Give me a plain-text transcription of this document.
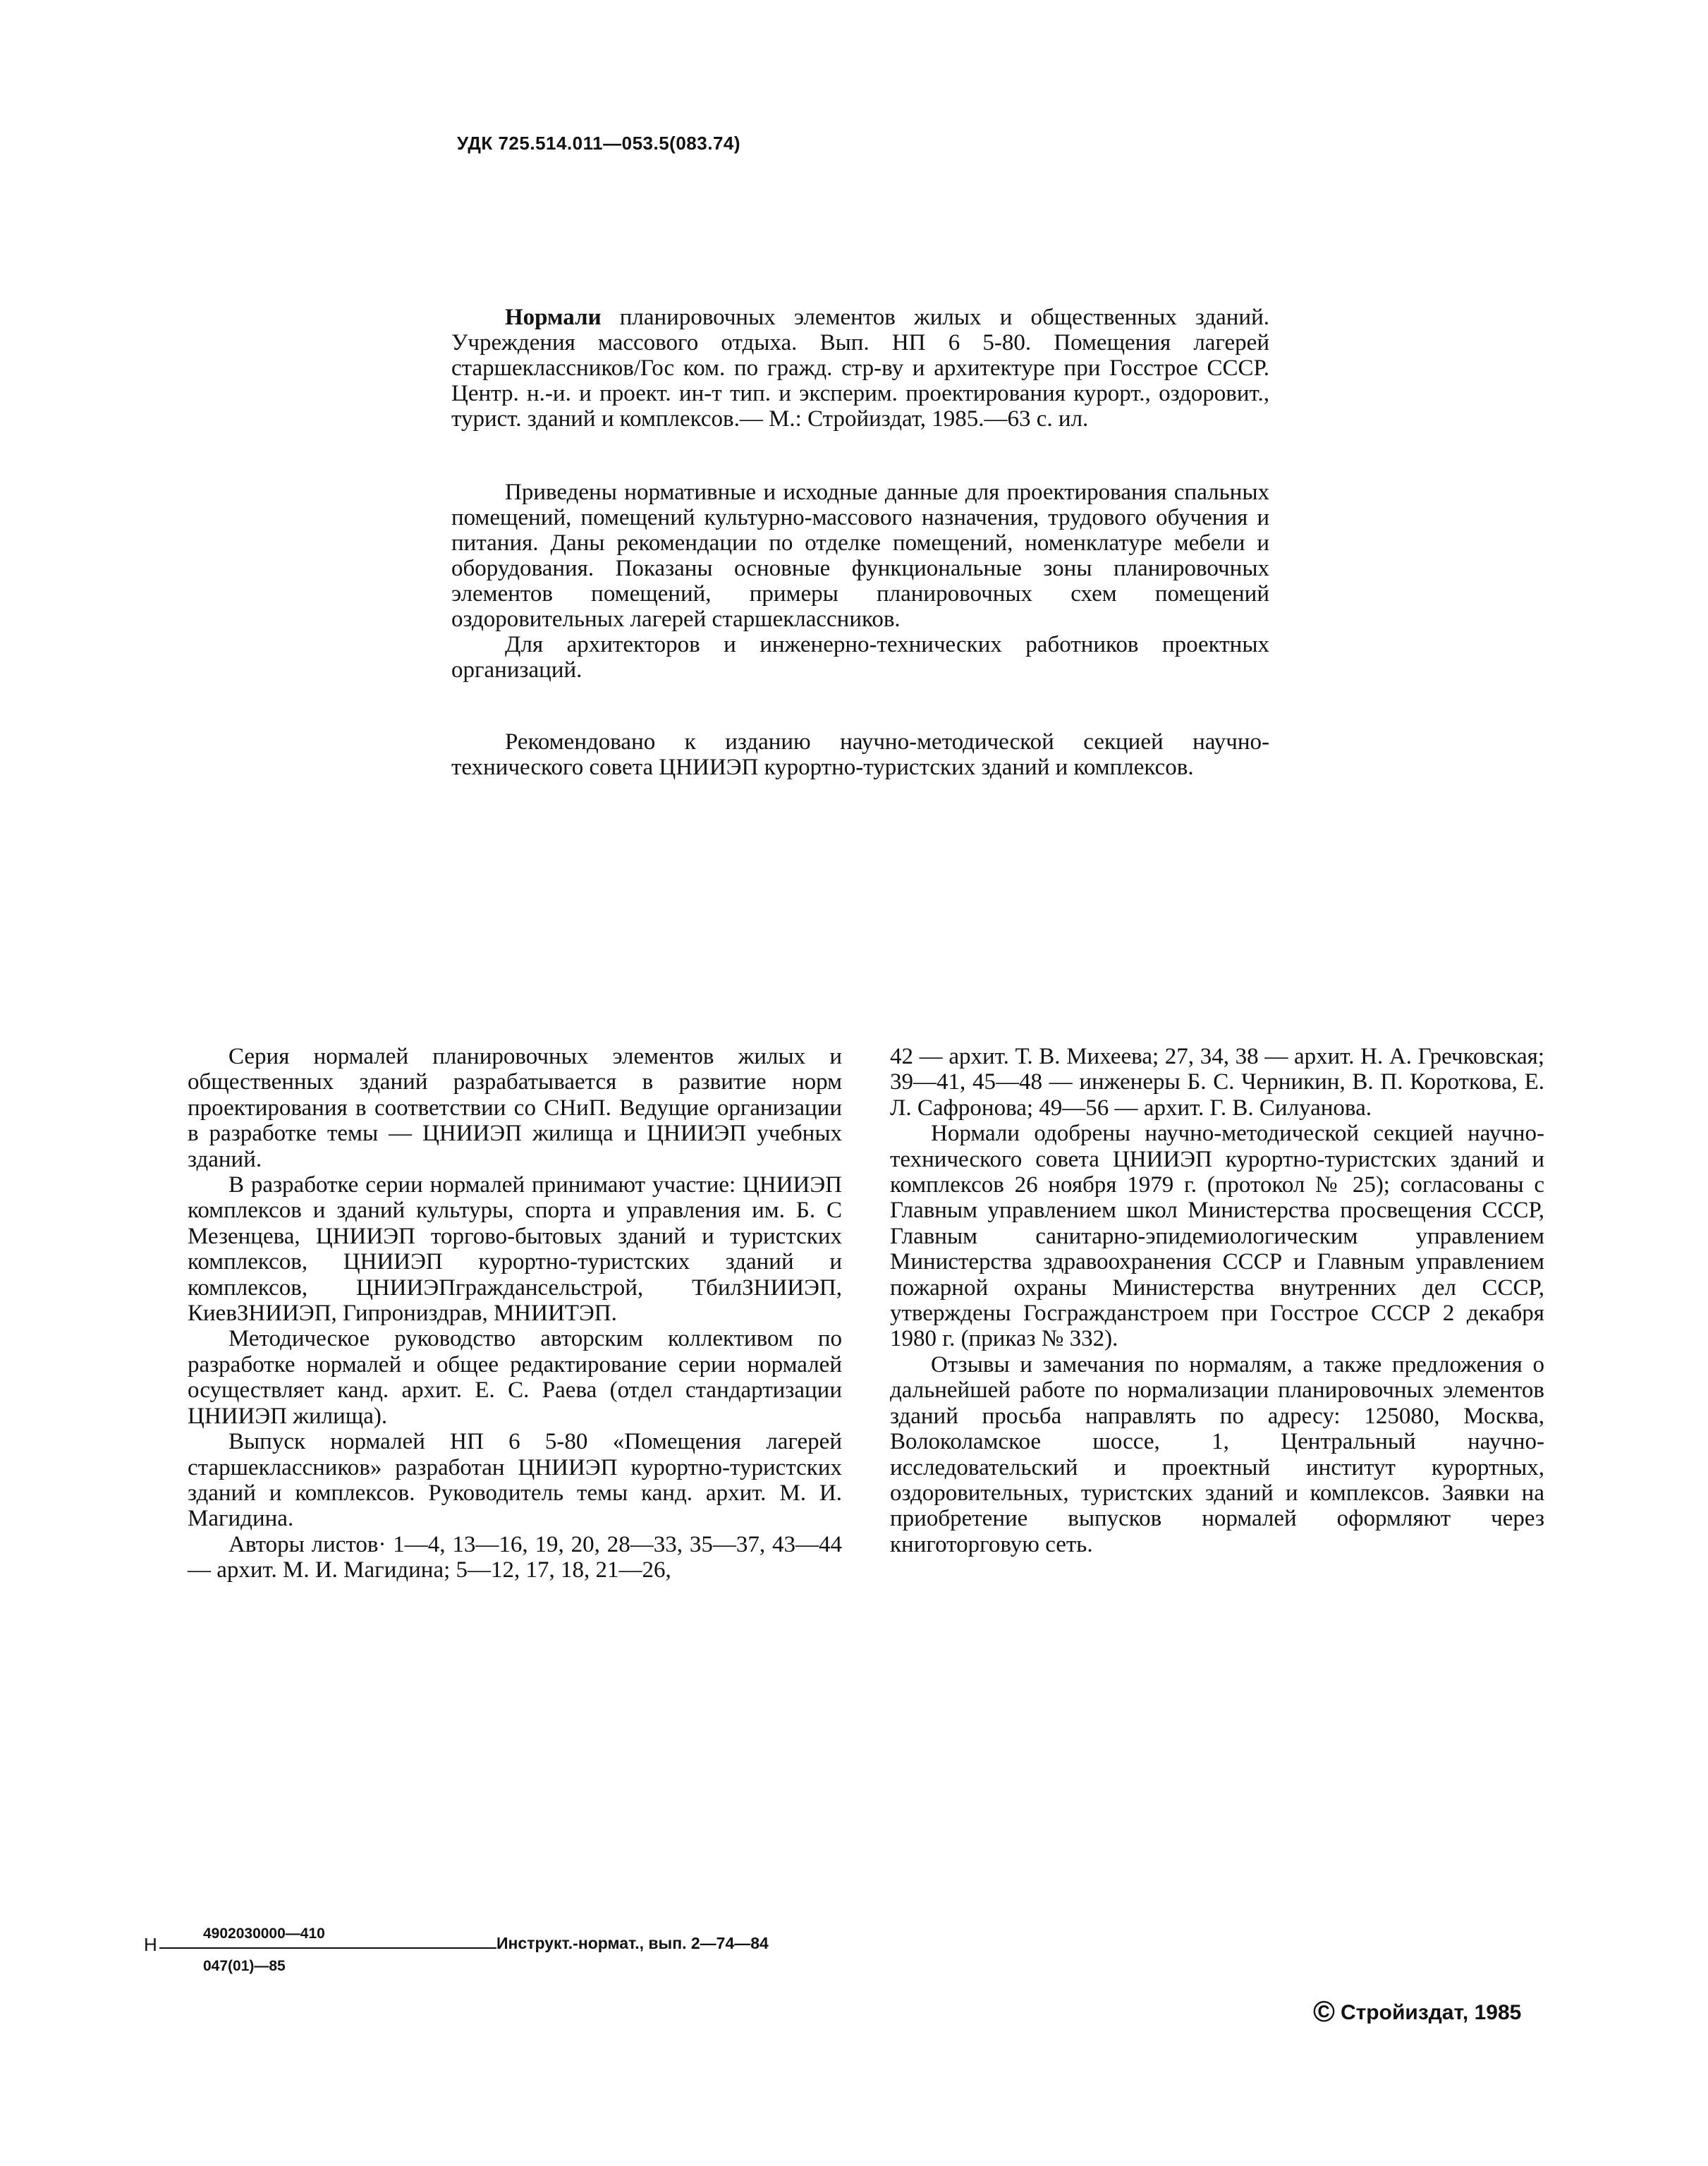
УДК 725.514.011—053.5(083.74)

Нормали планировочных элементов жилых и общественных зданий. Учреждения массового отдыха. Вып. НП 6 5-80. Помещения лагерей старшеклассников/Гос ком. по гражд. стр-ву и архитектуре при Госстрое СССР. Центр. н.-и. и проект. ин-т тип. и эксперим. проектирования курорт., оздоровит., турист. зданий и комплексов.— М.: Стройиздат, 1985.—63 с. ил.

Приведены нормативные и исходные данные для проектирования спальных помещений, помещений культурно-массового назначения, трудового обучения и питания. Даны рекомендации по отделке помещений, номенклатуре мебели и оборудования. Показаны основные функциональные зоны планировочных элементов помещений, примеры планировочных схем помещений оздоровительных лагерей старшеклассников.

Для архитекторов и инженерно-технических работников проектных организаций.

Рекомендовано к изданию научно-методической секцией научно-технического совета ЦНИИЭП курортно-туристских зданий и комплексов.

Серия нормалей планировочных элементов жилых и общественных зданий разрабатывается в развитие норм проектирования в соответствии со СНиП. Ведущие организации в разработке темы — ЦНИИЭП жилища и ЦНИИЭП учебных зданий.

В разработке серии нормалей принимают участие: ЦНИИЭП комплексов и зданий культуры, спорта и управления им. Б. С Мезенцева, ЦНИИЭП торгово-бытовых зданий и туристских комплексов, ЦНИИЭП курортно-туристских зданий и комплексов, ЦНИИЭПграждансельстрой, ТбилЗНИИЭП, КиевЗНИИЭП, Гипрониздрав, МНИИТЭП.

Методическое руководство авторским коллективом по разработке нормалей и общее редактирование серии нормалей осуществляет канд. архит. Е. С. Раева (отдел стандартизации ЦНИИЭП жилища).

Выпуск нормалей НП 6 5-80 «Помещения лагерей старшеклассников» разработан ЦНИИЭП курортно-туристских зданий и комплексов. Руководитель темы канд. архит. М. И. Магидина.

Авторы листов· 1—4, 13—16, 19, 20, 28—33, 35—37, 43—44 — архит. М. И. Магидина; 5—12, 17, 18, 21—26,

42 — архит. Т. В. Михеева; 27, 34, 38 — архит. Н. А. Гречковская; 39—41, 45—48 — инженеры Б. С. Черникин, В. П. Короткова, Е. Л. Сафронова; 49—56 — архит. Г. В. Силуанова.

Нормали одобрены научно-методической секцией научно-технического совета ЦНИИЭП курортно-туристских зданий и комплексов 26 ноября 1979 г. (протокол № 25); согласованы с Главным управлением школ Министерства просвещения СССР, Главным санитарно-эпидемиологическим управлением Министерства здравоохранения СССР и Главным управлением пожарной охраны Министерства внутренних дел СССР, утверждены Госгражданстроем при Госстрое СССР 2 декабря 1980 г. (приказ № 332).

Отзывы и замечания по нормалям, а также предложения о дальнейшей работе по нормализации планировочных элементов зданий просьба направлять по адресу: 125080, Москва, Волоколамское шоссе, 1, Центральный научно-исследовательский и проектный институт курортных, оздоровительных, туристских зданий и комплексов. Заявки на приобретение выпусков нормалей оформляют через книготорговую сеть.

Н
4902030000—410
047(01)—85
Инструкт.-нормат., вып. 2—74—84
© Стройиздат, 1985
